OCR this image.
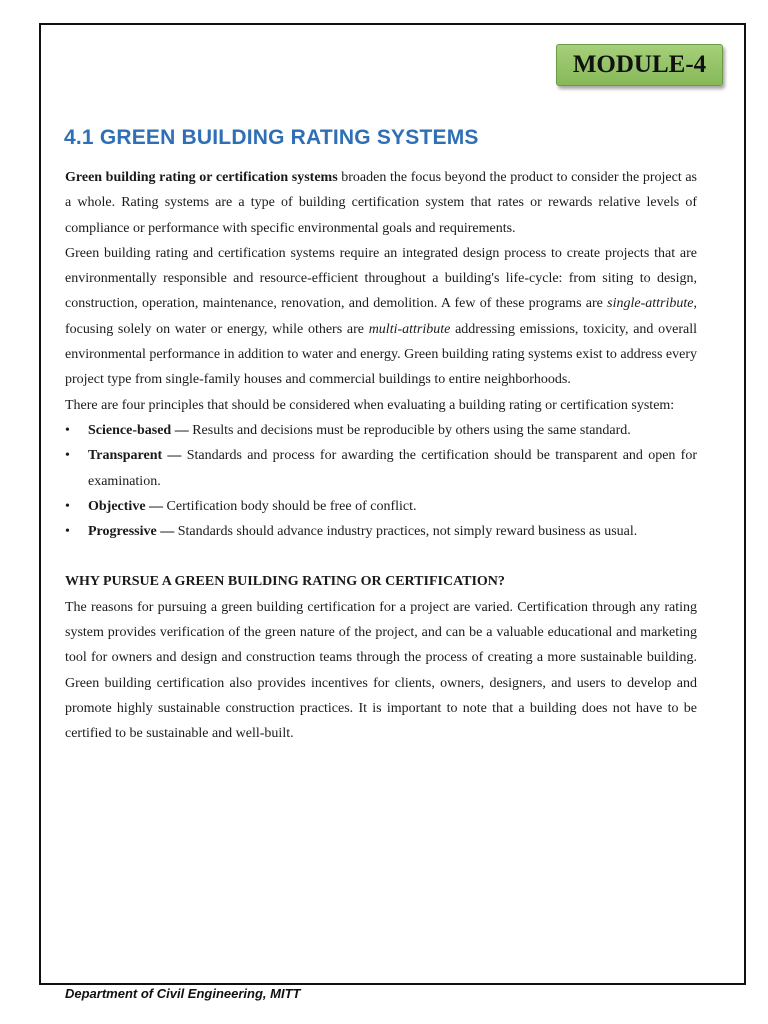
MODULE-4
4.1 GREEN BUILDING RATING SYSTEMS

Green building rating or certification systems broaden the focus beyond the product to consider the project as a whole. Rating systems are a type of building certification system that rates or rewards relative levels of compliance or performance with specific environmental goals and requirements.

Green building rating and certification systems require an integrated design process to create projects that are environmentally responsible and resource-efficient throughout a building's life-cycle: from siting to design, construction, operation, maintenance, renovation, and demolition. A few of these programs are single-attribute, focusing solely on water or energy, while others are multi-attribute addressing emissions, toxicity, and overall environmental performance in addition to water and energy. Green building rating systems exist to address every project type from single-family houses and commercial buildings to entire neighborhoods.

There are four principles that should be considered when evaluating a building rating or certification system:

• Science-based — Results and decisions must be reproducible by others using the same standard.
• Transparent — Standards and process for awarding the certification should be transparent and open for examination.
• Objective — Certification body should be free of conflict.
• Progressive — Standards should advance industry practices, not simply reward business as usual.

WHY PURSUE A GREEN BUILDING RATING OR CERTIFICATION?

The reasons for pursuing a green building certification for a project are varied. Certification through any rating system provides verification of the green nature of the project, and can be a valuable educational and marketing tool for owners and design and construction teams through the process of creating a more sustainable building. Green building certification also provides incentives for clients, owners, designers, and users to develop and promote highly sustainable construction practices. It is important to note that a building does not have to be certified to be sustainable and well-built.

Department of Civil Engineering, MITT
